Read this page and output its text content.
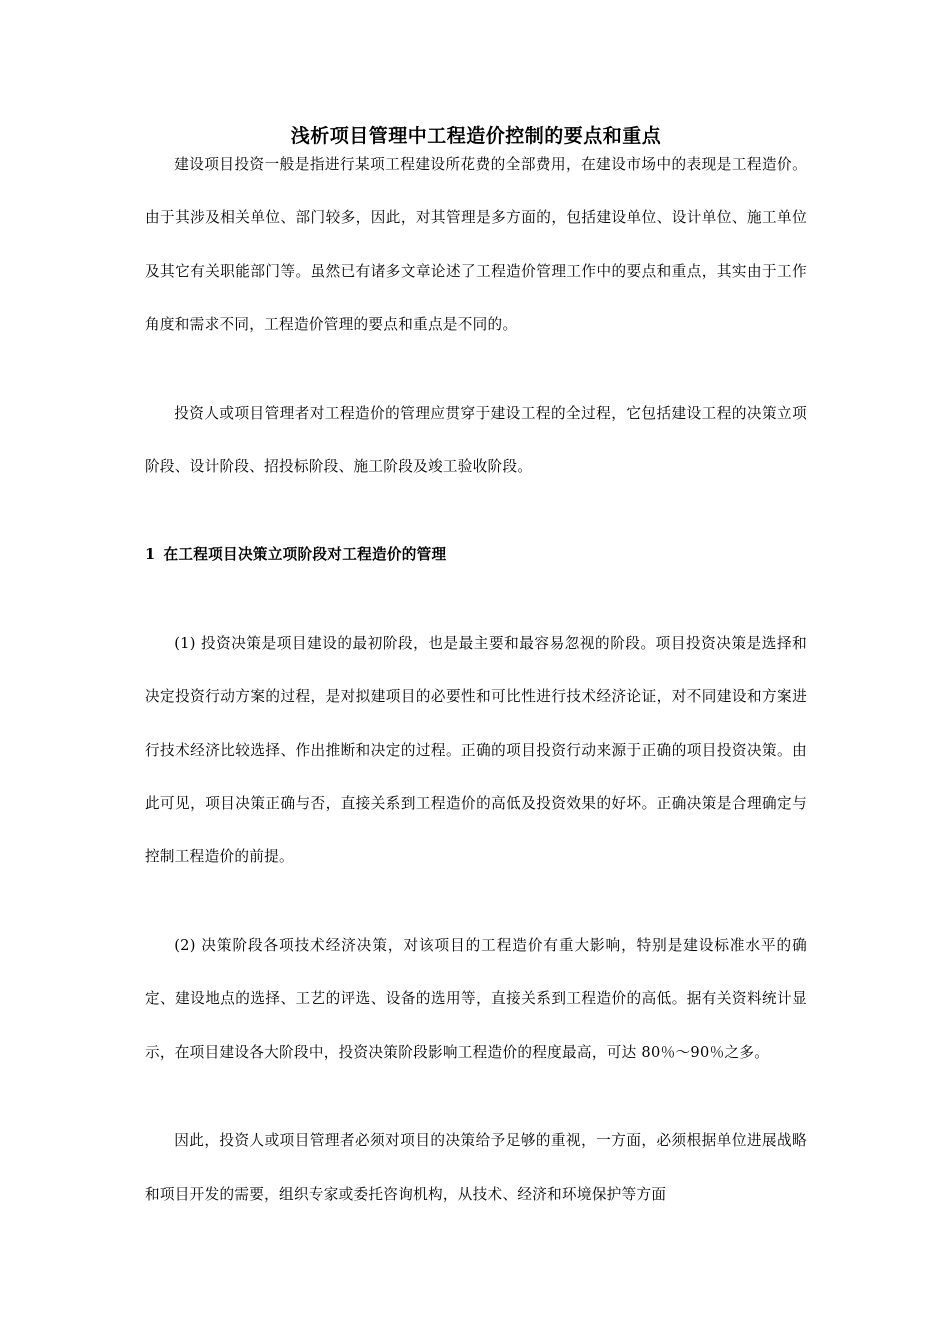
浅析项目管理中工程造价控制的要点和重点

建设项目投资一般是指进行某项工程建设所花费的全部费用，在建设市场中的表现是工程造价。由于其涉及相关单位、部门较多，因此，对其管理是多方面的，包括建设单位、设计单位、施工单位及其它有关职能部门等。虽然已有诸多文章论述了工程造价管理工作中的要点和重点，其实由于工作角度和需求不同，工程造价管理的要点和重点是不同的。

投资人或项目管理者对工程造价的管理应贯穿于建设工程的全过程，它包括建设工程的决策立项阶段、设计阶段、招投标阶段、施工阶段及竣工验收阶段。

1 在工程项目决策立项阶段对工程造价的管理

(1) 投资决策是项目建设的最初阶段，也是最主要和最容易忽视的阶段。项目投资决策是选择和决定投资行动方案的过程，是对拟建项目的必要性和可比性进行技术经济论证，对不同建设和方案进行技术经济比较选择、作出推断和决定的过程。正确的项目投资行动来源于正确的项目投资决策。由此可见，项目决策正确与否，直接关系到工程造价的高低及投资效果的好坏。正确决策是合理确定与控制工程造价的前提。

(2) 决策阶段各项技术经济决策，对该项目的工程造价有重大影响，特别是建设标准水平的确定、建设地点的选择、工艺的评选、设备的选用等，直接关系到工程造价的高低。据有关资料统计显示，在项目建设各大阶段中，投资决策阶段影响工程造价的程度最高，可达 80％～90％之多。

因此，投资人或项目管理者必须对项目的决策给予足够的重视，一方面，必须根据单位进展战略和项目开发的需要，组织专家或委托咨询机构，从技术、经济和环境保护等方面
